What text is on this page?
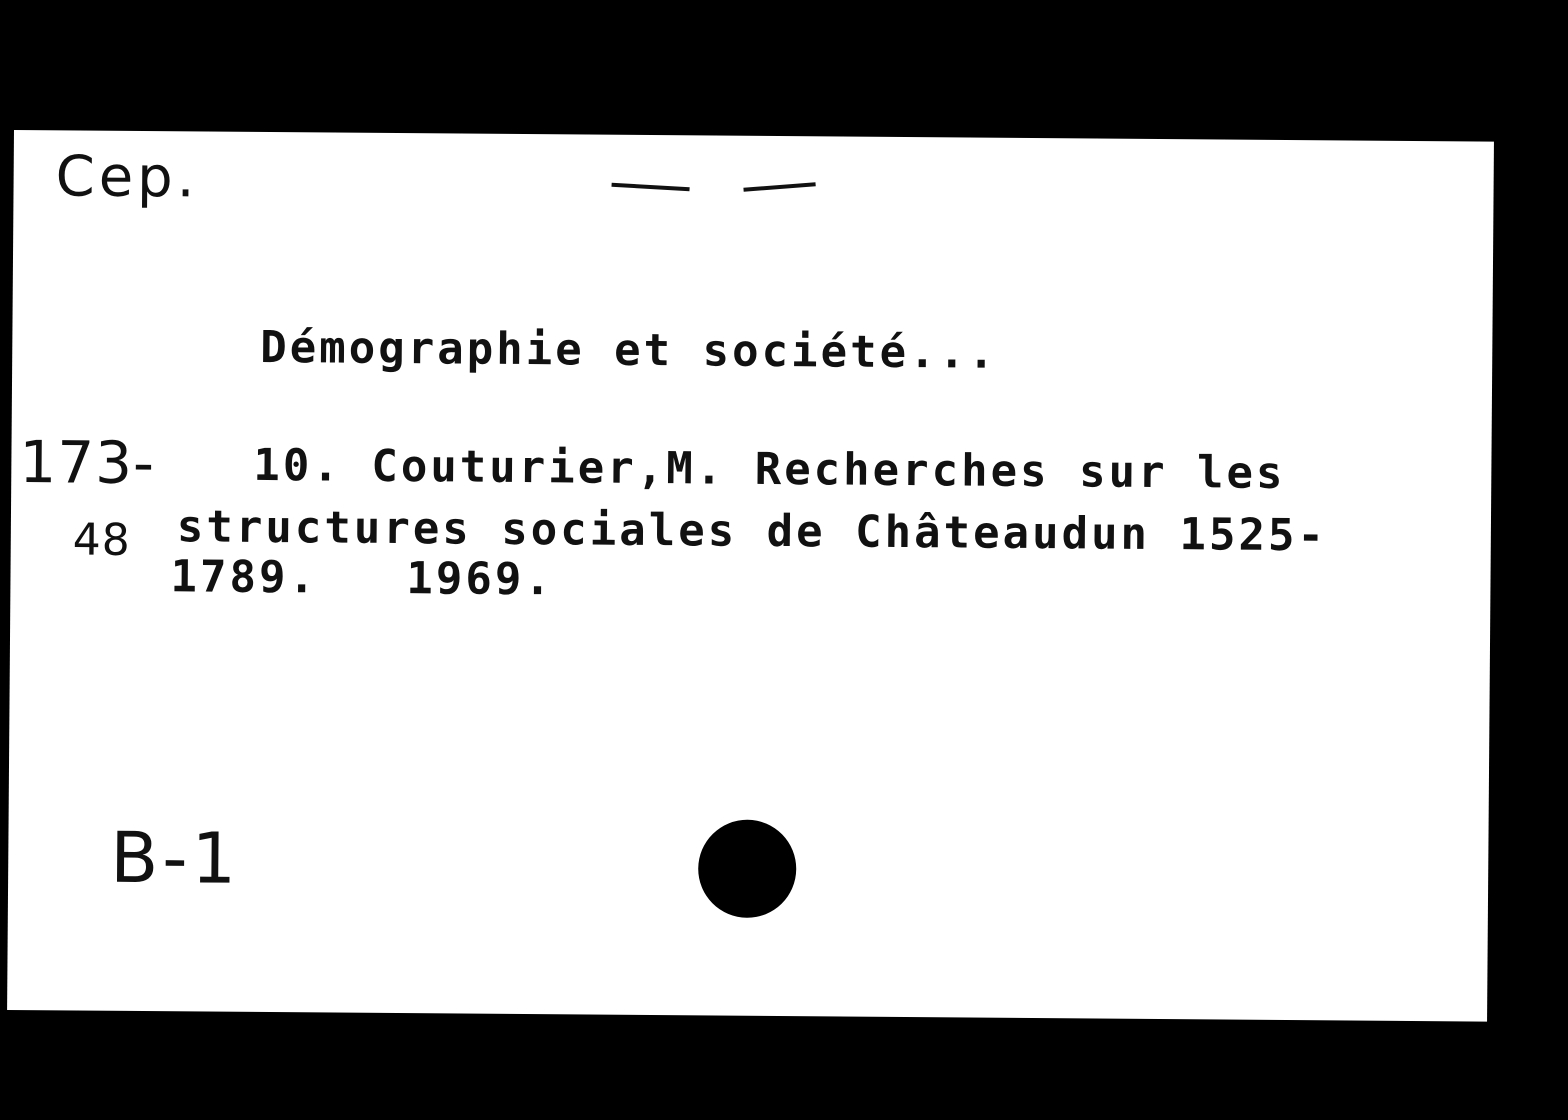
Cep.
Démographie et société...
173-
48
10. Couturier,M. Recherches sur les
structures sociales de Châteaudun 1525-
1789.   1969.
B-1
